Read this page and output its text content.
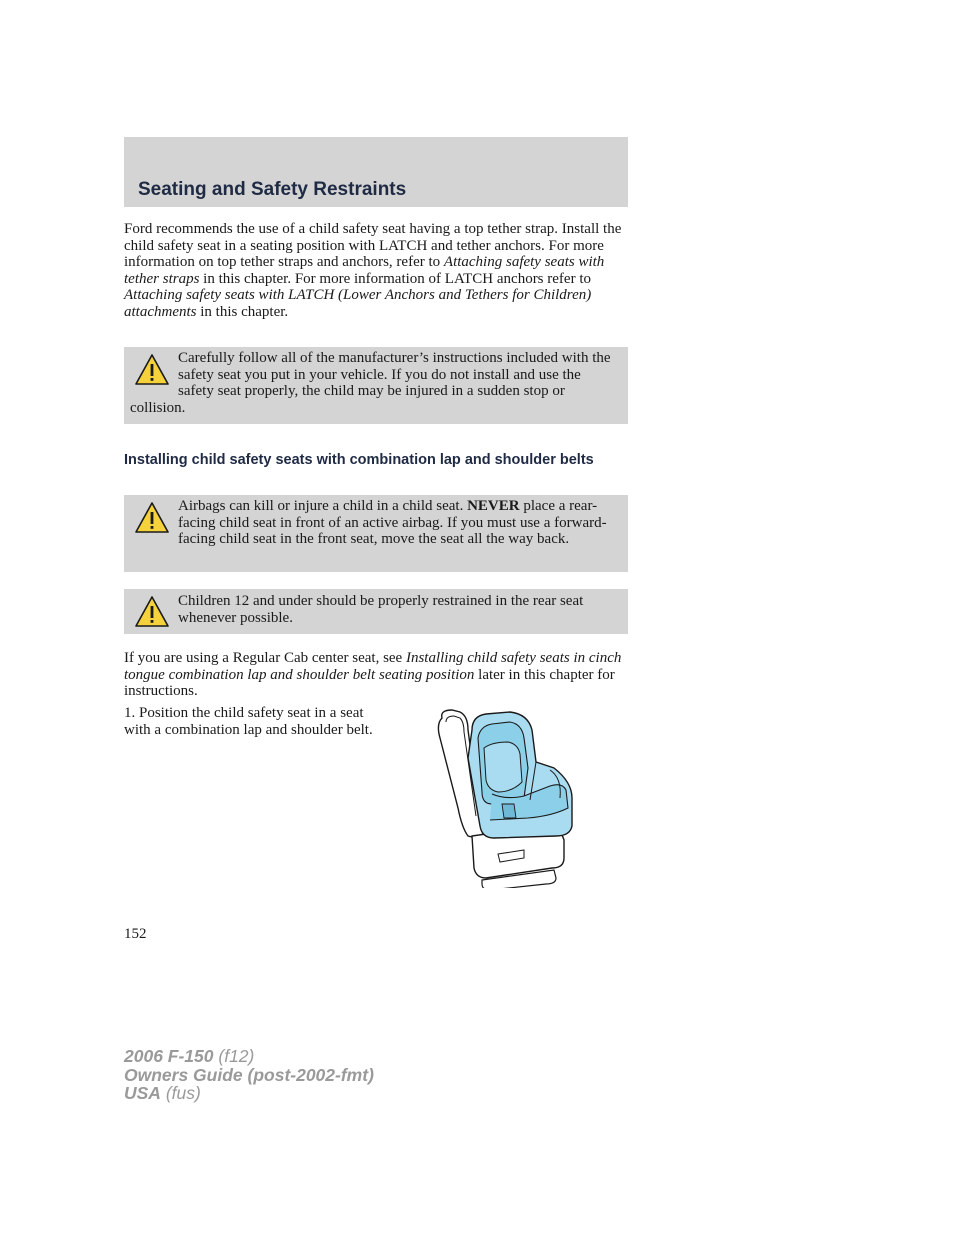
Seating and Safety Restraints

Ford recommends the use of a child safety seat having a top tether strap. Install the child safety seat in a seating position with LATCH and tether anchors. For more information on top tether straps and anchors, refer to Attaching safety seats with tether straps in this chapter. For more information of LATCH anchors refer to Attaching safety seats with LATCH (Lower Anchors and Tethers for Children) attachments in this chapter.

Carefully follow all of the manufacturer’s instructions included with the safety seat you put in your vehicle. If you do not install and use the safety seat properly, the child may be injured in a sudden stop or collision.

Installing child safety seats with combination lap and shoulder belts

Airbags can kill or injure a child in a child seat. NEVER place a rear-facing child seat in front of an active airbag. If you must use a forward-facing child seat in the front seat, move the seat all the way back.

Children 12 and under should be properly restrained in the rear seat whenever possible.

If you are using a Regular Cab center seat, see Installing child safety seats in cinch tongue combination lap and shoulder belt seating position later in this chapter for instructions.

1. Position the child safety seat in a seat with a combination lap and shoulder belt.

152

2006 F-150 (f12)
Owners Guide (post-2002-fmt)
USA (fus)
